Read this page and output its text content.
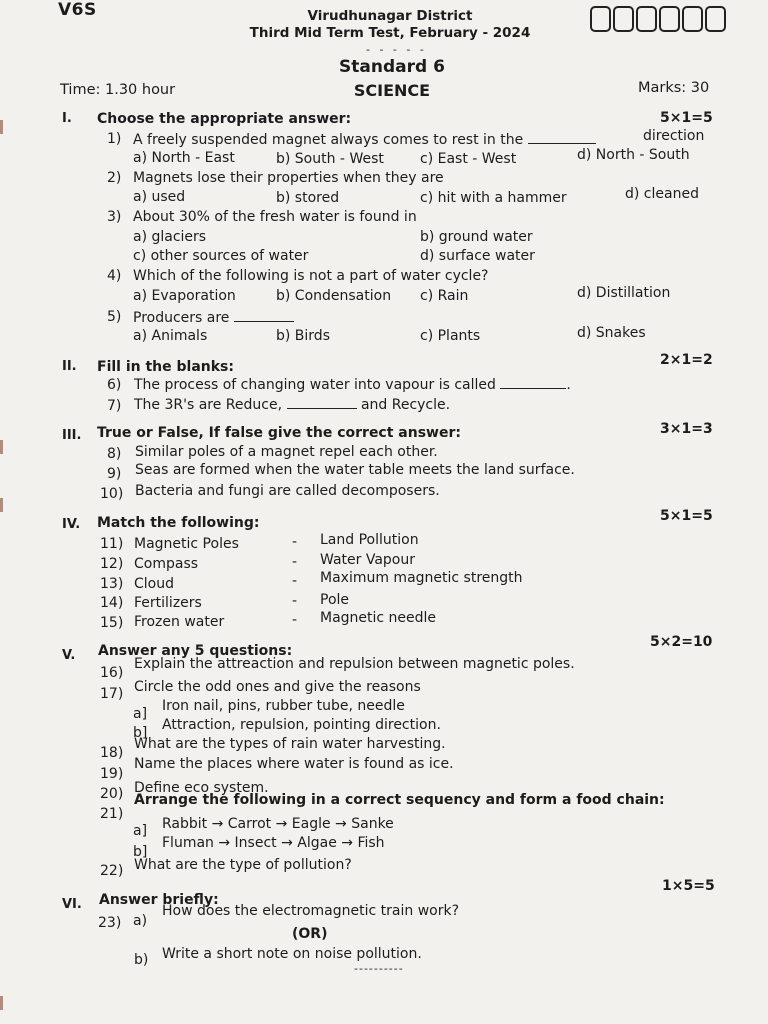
V6S	Virudhunagar District
Third Mid Term Test, February - 2024
- - - - -
Standard 6
SCIENCE
Time: 1.30 hour	Marks: 30
I. Choose the appropriate answer:	5×1=5
1) A freely suspended magnet always comes to rest in the	direction
a) North - East	b) South - West	c) East - West	d) North - South
2) Magnets lose their properties when they are
a) used	b) stored	c) hit with a hammer	d) cleaned
3) About 30% of the fresh water is found in
a) glaciers	b) ground water
c) other sources of water	d) surface water
4) Which of the following is not a part of water cycle?
a) Evaporation	b) Condensation c) Rain	d) Distillation
5) Producers are
a) Animals	b) Birds	c) Plants	d) Snakes
II. Fill in the blanks:	2×1=2
6) The process of changing water into vapour is called	.
7) The 3R's are Reduce,	and Recycle.
III. True or False, If false give the correct answer:	3×1=3
8) Similar poles of a magnet repel each other.
9) Seas are formed when the water table meets the land surface.
10) Bacteria and fungi are called decomposers.
IV. Match the following:	5×1=5
11) Magnetic Poles	- Land Pollution
12) Compass	- Water Vapour
13) Cloud	- Maximum magnetic strength
14) Fertilizers	- Pole
15) Frozen water	- Magnetic needle
V. Answer any 5 questions:
5×2=10
16)
Explain the attreaction and repulsion between magnetic poles.
17) Circle the odd ones and give the reasons
a] Iron nail, pins, rubber tube, needle
b] Attraction, repulsion, pointing direction.
18)
What are the types of rain water harvesting.
19)
Name the places where water is found as ice.
20) Define eco system.
21)
Arrange the following in a correct sequency and form a food chain:
a] Rabbit → Carrot → Eagle → Sanke
b]
Fluman → Insect → Algae → Fish
22) What are the type of pollution?
VI. Answer briefly:
1×5=5
23) a)
How does the electromagnetic train work?
(OR)
b) Write a short note on noise pollution.
----------
